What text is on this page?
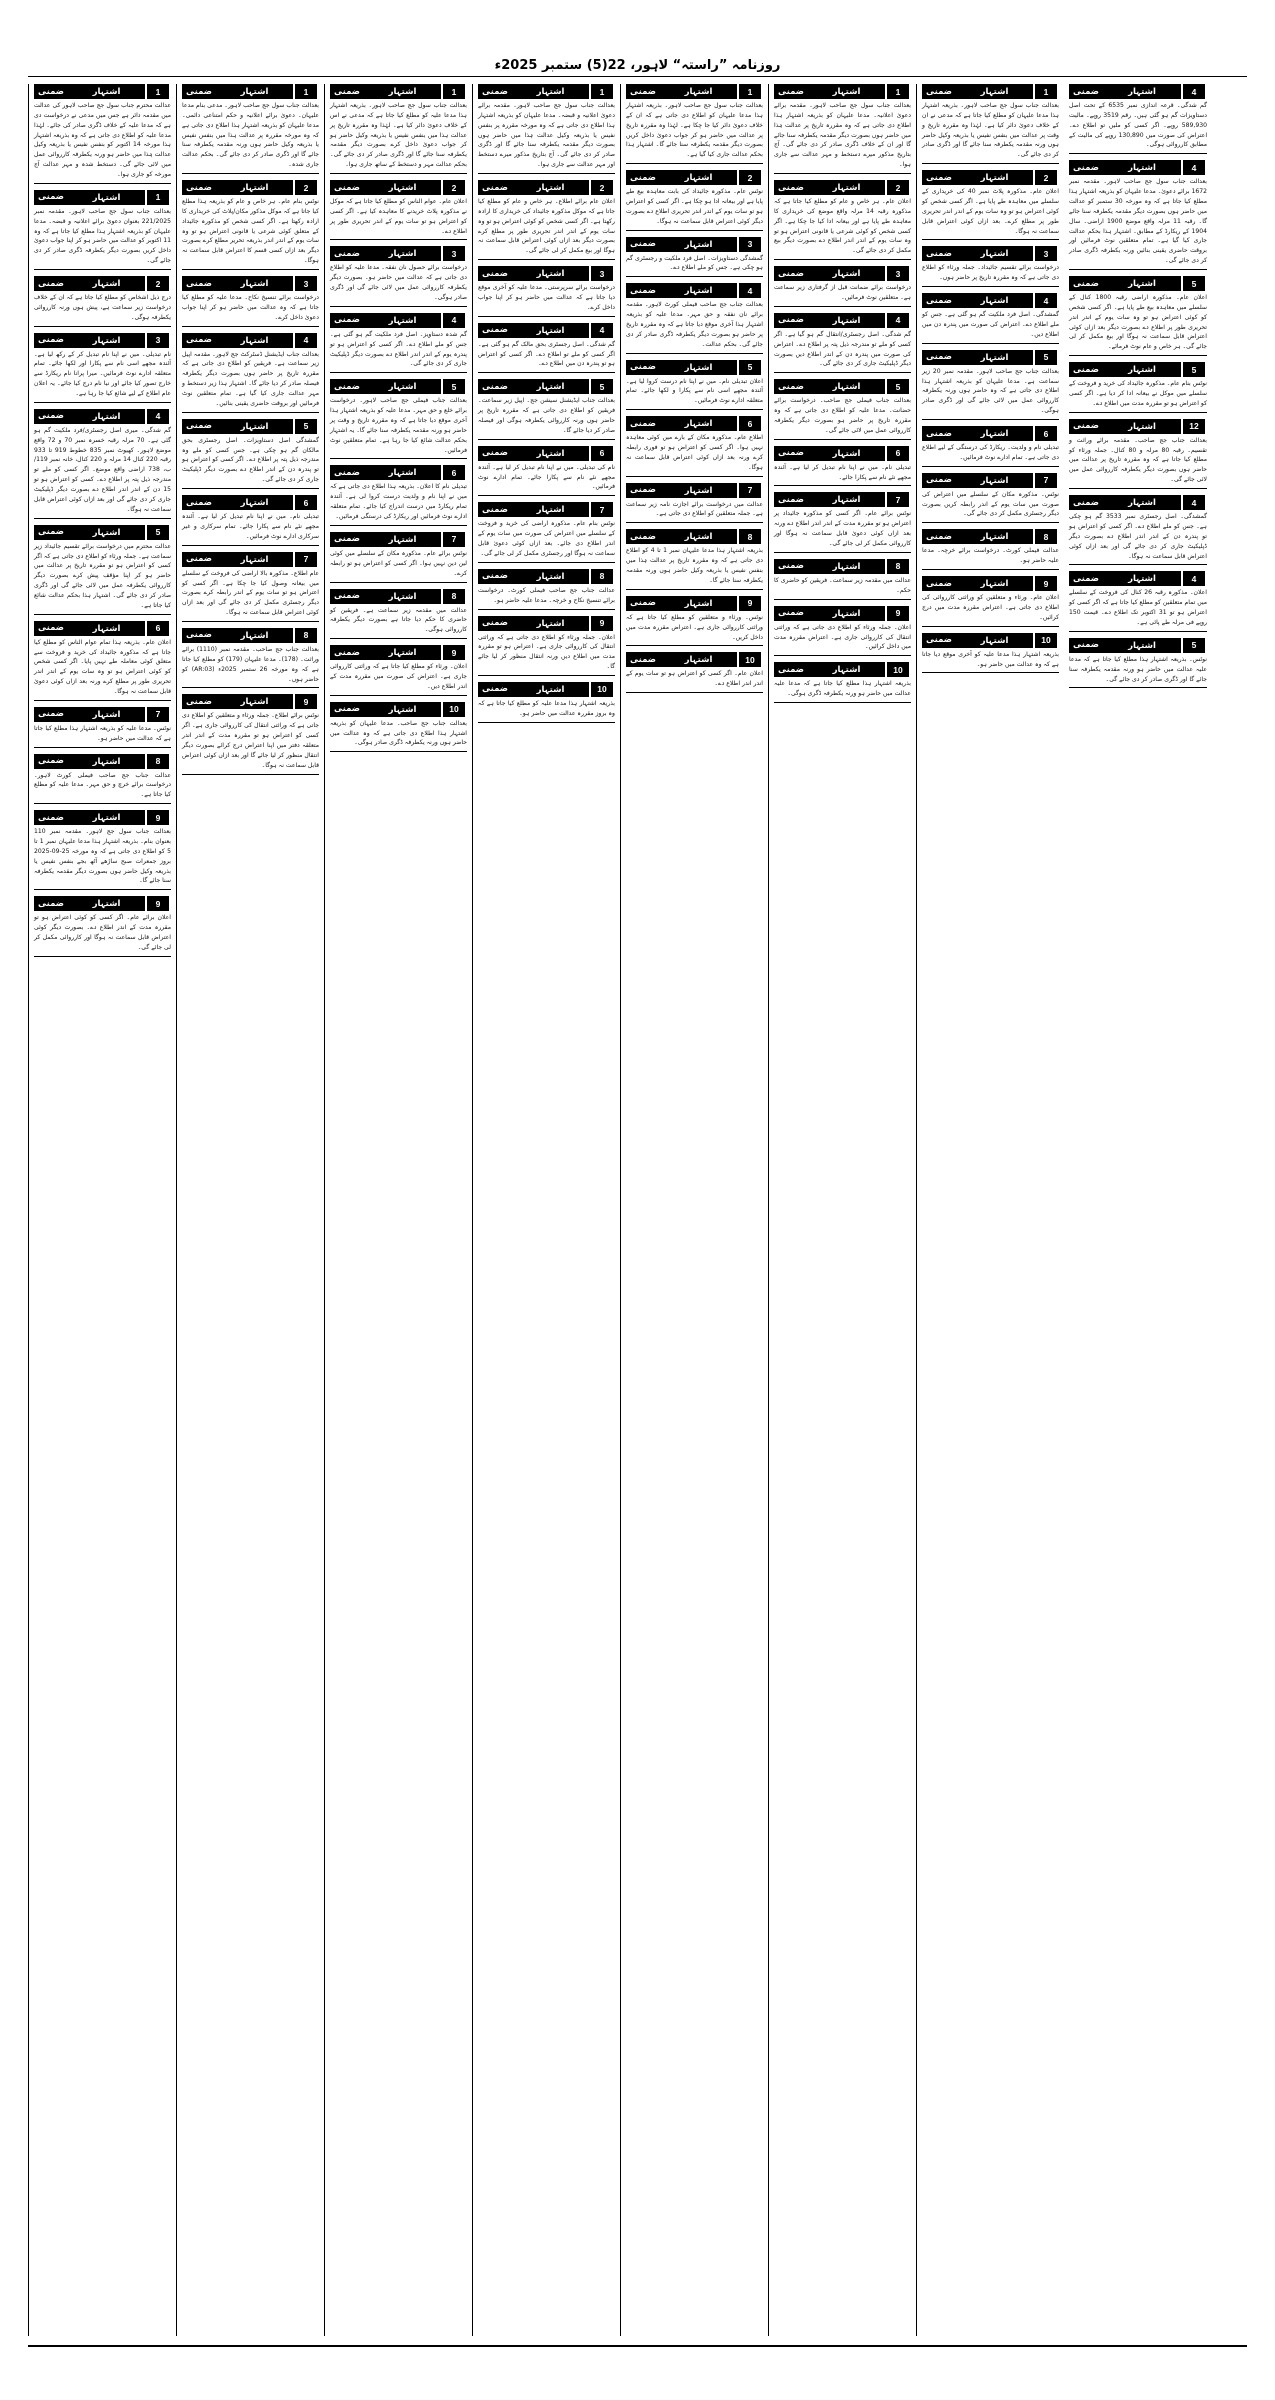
روزنامہ ”راستہ“ لاہور، 22(5) ستمبر 2025ء
1
اشتہار
ضمنی
عدالت محترم جناب سول جج صاحب لاہور کی عدالت میں مقدمہ دائر ہے جس میں مدعی نے درخواست دی ہے کہ مدعا علیہ کے خلاف ڈگری صادر کی جائے۔ لہٰذا مدعا علیہ کو اطلاع دی جاتی ہے کہ وہ بذریعہ اشتہار ہذا مورخہ 14 اکتوبر کو بنفس نفیس یا بذریعہ وکیل عدالت ہٰذا میں حاضر ہو ورنہ یکطرفہ کارروائی عمل میں لائی جائے گی۔ دستخط شدہ و مہر عدالت آج مورخہ کو جاری ہوا۔
1
اشتہار
ضمنی
بعدالت جناب سول جج صاحب لاہور۔ مقدمہ نمبر 221/2025 بعنوان دعویٰ برائے اعلانیہ و قبضہ۔ مدعا علیہان کو بذریعہ اشتہار ہذا مطلع کیا جاتا ہے کہ وہ 11 اکتوبر کو عدالت میں حاضر ہو کر اپنا جواب دعویٰ داخل کریں بصورت دیگر یکطرفہ ڈگری صادر کر دی جائے گی۔
2
اشتہار
ضمنی
درج ذیل اشخاص کو مطلع کیا جاتا ہے کہ ان کے خلاف درخواست زیر سماعت ہے، پیش ہوں ورنہ کارروائی یکطرفہ ہوگی۔
3
اشتہار
ضمنی
نام تبدیلی۔ میں نے اپنا نام تبدیل کر کے رکھ لیا ہے۔ آئندہ مجھے اسی نام سے پکارا اور لکھا جائے۔ تمام متعلقہ ادارے نوٹ فرمائیں۔ میرا پرانا نام ریکارڈ سے خارج تصور کیا جائے اور نیا نام درج کیا جائے۔ یہ اعلان عام اطلاع کے لیے شائع کیا جا رہا ہے۔
4
اشتہار
ضمنی
گم شدگی۔ میری اصل رجسٹری/فرد ملکیت گم ہو گئی ہے۔ 70 مرلہ رقبہ خسرہ نمبر 70 و 72 واقع موضع لاہور۔ کھیوٹ نمبر 835 خطوط 919 تا 933 رقبہ 220 کنال 14 مرلہ و 220 کنال، خانہ نمبر 119/ب، 738 اراضی واقع موضع۔ اگر کسی کو ملے تو مندرجہ ذیل پتہ پر اطلاع دے۔ کسی کو اعتراض ہو تو 15 دن کے اندر اندر اطلاع دے بصورت دیگر ڈپلیکیٹ جاری کر دی جائے گی اور بعد ازاں کوئی اعتراض قابل سماعت نہ ہوگا۔
5
اشتہار
ضمنی
عدالت محترم میں درخواست برائے تقسیم جائیداد زیر سماعت ہے۔ جملہ ورثاء کو اطلاع دی جاتی ہے کہ اگر کسی کو اعتراض ہو تو مقررہ تاریخ پر عدالت میں حاضر ہو کر اپنا مؤقف پیش کرے بصورت دیگر کارروائی یکطرفہ عمل میں لائی جائے گی اور ڈگری صادر کر دی جائے گی۔ اشتہار ہذا بحکم عدالت شائع کیا جاتا ہے۔
6
اشتہار
ضمنی
اعلان عام۔ بذریعہ ہذا تمام عوام الناس کو مطلع کیا جاتا ہے کہ مذکورہ جائیداد کی خرید و فروخت سے متعلق کوئی معاملہ طے نہیں پایا۔ اگر کسی شخص کو کوئی اعتراض ہو تو وہ سات یوم کے اندر اندر تحریری طور پر مطلع کرے ورنہ بعد ازاں کوئی دعویٰ قابل سماعت نہ ہوگا۔
7
اشتہار
ضمنی
نوٹس۔ مدعا علیہ کو بذریعہ اشتہار ہذا مطلع کیا جاتا ہے کہ عدالت میں حاضر ہو۔
8
اشتہار
ضمنی
عدالت جناب جج صاحب فیملی کورٹ لاہور۔ درخواست برائے خرچ و حق مہر۔ مدعا علیہ کو مطلع کیا جاتا ہے۔
9
اشتہار
ضمنی
بعدالت جناب سول جج لاہور۔ مقدمہ نمبر 110 بعنوان بنام۔ بذریعہ اشتہار ہذا مدعا علیہان نمبر 1 تا 5 کو اطلاع دی جاتی ہے کہ وہ مورخہ 25-09-2025 بروز جمعرات صبح ساڑھے آٹھ بجے بنفس نفیس یا بذریعہ وکیل حاضر ہوں بصورت دیگر مقدمہ یکطرفہ سنا جائے گا۔
9
اشتہار
ضمنی
اعلان برائے عام۔ اگر کسی کو کوئی اعتراض ہو تو مقررہ مدت کے اندر اطلاع دے۔ بصورت دیگر کوئی اعتراض قابل سماعت نہ ہوگا اور کارروائی مکمل کر لی جائے گی۔
1
اشتہار
ضمنی
بعدالت جناب سول جج صاحب لاہور۔ مدعی بنام مدعا علیہان۔ دعویٰ برائے اعلانیہ و حکم امتناعی دائمی۔ مدعا علیہان کو بذریعہ اشتہار ہذا اطلاع دی جاتی ہے کہ وہ مورخہ مقررہ پر عدالت ہذا میں بنفس نفیس یا بذریعہ وکیل حاضر ہوں ورنہ مقدمہ یکطرفہ سنا جائے گا اور ڈگری صادر کر دی جائے گی۔ بحکم عدالت جاری شدہ۔
2
اشتہار
ضمنی
نوٹس بنام عام۔ ہر خاص و عام کو بذریعہ ہذا مطلع کیا جاتا ہے کہ موکل مذکور مکان/پلاٹ کی خریداری کا ارادہ رکھتا ہے۔ اگر کسی شخص کو مذکورہ جائیداد کے متعلق کوئی شرعی یا قانونی اعتراض ہو تو وہ سات یوم کے اندر اندر بذریعہ تحریر مطلع کرے بصورت دیگر بعد ازاں کسی قسم کا اعتراض قابل سماعت نہ ہوگا۔
3
اشتہار
ضمنی
درخواست برائے تنسیخ نکاح۔ مدعا علیہ کو مطلع کیا جاتا ہے کہ وہ عدالت میں حاضر ہو کر اپنا جواب دعویٰ داخل کرے۔
4
اشتہار
ضمنی
بعدالت جناب ایڈیشنل ڈسٹرکٹ جج لاہور۔ مقدمہ اپیل زیر سماعت ہے۔ فریقین کو اطلاع دی جاتی ہے کہ مقررہ تاریخ پر حاضر ہوں بصورت دیگر یکطرفہ فیصلہ صادر کر دیا جائے گا۔ اشتہار ہذا زیر دستخط و مہر عدالت جاری کیا گیا ہے۔ تمام متعلقین نوٹ فرمائیں اور بروقت حاضری یقینی بنائیں۔
5
اشتہار
ضمنی
گمشدگی اصل دستاویزات۔ اصل رجسٹری بحق مالکان گم ہو چکی ہے۔ جس کسی کو ملے وہ مندرجہ ذیل پتہ پر اطلاع دے۔ اگر کسی کو اعتراض ہو تو پندرہ دن کے اندر اطلاع دے بصورت دیگر ڈپلیکیٹ جاری کر دی جائے گی۔
6
اشتہار
ضمنی
تبدیلی نام۔ میں نے اپنا نام تبدیل کر لیا ہے۔ آئندہ مجھے نئے نام سے پکارا جائے۔ تمام سرکاری و غیر سرکاری ادارے نوٹ فرمائیں۔
7
اشتہار
ضمنی
عام اطلاع۔ مذکورہ بالا اراضی کی فروخت کے سلسلے میں بیعانہ وصول کیا جا چکا ہے۔ اگر کسی کو اعتراض ہو تو سات یوم کے اندر رابطہ کرے بصورت دیگر رجسٹری مکمل کر دی جائے گی اور بعد ازاں کوئی اعتراض قابل سماعت نہ ہوگا۔
8
اشتہار
ضمنی
بعدالت جناب جج صاحب۔ مقدمہ نمبر (1110) برائے وراثت۔ (178)۔ مدعا علیہان (179) کو مطلع کیا جاتا ہے کہ وہ مورخہ 26 ستمبر 2025ء (AR:03) کو حاضر ہوں۔
9
اشتہار
ضمنی
نوٹس برائے اطلاع۔ جملہ ورثاء و متعلقین کو اطلاع دی جاتی ہے کہ وراثتی انتقال کی کارروائی جاری ہے۔ اگر کسی کو اعتراض ہو تو مقررہ مدت کے اندر اندر متعلقہ دفتر میں اپنا اعتراض درج کرائے بصورت دیگر انتقال منظور کر لیا جائے گا اور بعد ازاں کوئی اعتراض قابل سماعت نہ ہوگا۔
1
اشتہار
ضمنی
بعدالت جناب سول جج صاحب لاہور۔ بذریعہ اشتہار ہذا مدعا علیہ کو مطلع کیا جاتا ہے کہ مدعی نے اس کے خلاف دعویٰ دائر کیا ہے۔ لہٰذا وہ مقررہ تاریخ پر عدالت ہذا میں بنفس نفیس یا بذریعہ وکیل حاضر ہو کر جواب دعویٰ داخل کرے بصورت دیگر مقدمہ یکطرفہ سنا جائے گا اور ڈگری صادر کر دی جائے گی۔ بحکم عدالت مہر و دستخط کے ساتھ جاری ہوا۔
2
اشتہار
ضمنی
اعلان عام۔ عوام الناس کو مطلع کیا جاتا ہے کہ موکل نے مذکورہ پلاٹ خریدنے کا معاہدہ کیا ہے۔ اگر کسی کو اعتراض ہو تو سات یوم کے اندر تحریری طور پر اطلاع دے۔
3
اشتہار
ضمنی
درخواست برائے حصول نان نفقہ۔ مدعا علیہ کو اطلاع دی جاتی ہے کہ عدالت میں حاضر ہو۔ بصورت دیگر یکطرفہ کارروائی عمل میں لائی جائے گی اور ڈگری صادر ہوگی۔
4
اشتہار
ضمنی
گم شدہ دستاویز۔ اصل فرد ملکیت گم ہو گئی ہے۔ جس کو ملے اطلاع دے۔ اگر کسی کو اعتراض ہو تو پندرہ یوم کے اندر اندر اطلاع دے بصورت دیگر ڈپلیکیٹ جاری کر دی جائے گی۔
5
اشتہار
ضمنی
بعدالت جناب فیملی جج صاحب لاہور۔ درخواست برائے خلع و حق مہر۔ مدعا علیہ کو بذریعہ اشتہار ہذا آخری موقع دیا جاتا ہے کہ وہ مقررہ تاریخ و وقت پر حاضر ہو ورنہ مقدمہ یکطرفہ سنا جائے گا۔ یہ اشتہار بحکم عدالت شائع کیا جا رہا ہے۔ تمام متعلقین نوٹ فرمائیں۔
6
اشتہار
ضمنی
تبدیلی نام کا اعلان۔ بذریعہ ہذا اطلاع دی جاتی ہے کہ میں نے اپنا نام و ولدیت درست کروا لی ہے۔ آئندہ تمام ریکارڈ میں درست اندراج کیا جائے۔ تمام متعلقہ ادارے نوٹ فرمائیں اور ریکارڈ کی درستگی فرمائیں۔
7
اشتہار
ضمنی
نوٹس برائے عام۔ مذکورہ مکان کے سلسلے میں کوئی لین دین نہیں ہوا۔ اگر کسی کو اعتراض ہو تو رابطہ کرے۔
8
اشتہار
ضمنی
عدالت میں مقدمہ زیر سماعت ہے۔ فریقین کو حاضری کا حکم دیا جاتا ہے بصورت دیگر یکطرفہ کارروائی ہوگی۔
9
اشتہار
ضمنی
اعلان۔ ورثاء کو مطلع کیا جاتا ہے کہ وراثتی کارروائی جاری ہے۔ اعتراض کی صورت میں مقررہ مدت کے اندر اطلاع دیں۔
10
اشتہار
ضمنی
بعدالت جناب جج صاحب۔ مدعا علیہان کو بذریعہ اشتہار ہذا اطلاع دی جاتی ہے کہ وہ عدالت میں حاضر ہوں ورنہ یکطرفہ ڈگری صادر ہوگی۔
1
اشتہار
ضمنی
بعدالت جناب سول جج صاحب لاہور۔ مقدمہ برائے دعویٰ اعلانیہ و قبضہ۔ مدعا علیہان کو بذریعہ اشتہار ہذا اطلاع دی جاتی ہے کہ وہ مورخہ مقررہ پر بنفس نفیس یا بذریعہ وکیل عدالت ہٰذا میں حاضر ہوں بصورت دیگر مقدمہ یکطرفہ سنا جائے گا اور ڈگری صادر کر دی جائے گی۔ آج بتاریخ مذکور میرے دستخط اور مہر عدالت سے جاری ہوا۔
2
اشتہار
ضمنی
اعلان عام برائے اطلاع۔ ہر خاص و عام کو مطلع کیا جاتا ہے کہ موکل مذکورہ جائیداد کی خریداری کا ارادہ رکھتا ہے۔ اگر کسی شخص کو کوئی اعتراض ہو تو وہ سات یوم کے اندر اندر تحریری طور پر مطلع کرے بصورت دیگر بعد ازاں کوئی اعتراض قابل سماعت نہ ہوگا اور بیع مکمل کر لی جائے گی۔
3
اشتہار
ضمنی
درخواست برائے سرپرستی۔ مدعا علیہ کو آخری موقع دیا جاتا ہے کہ عدالت میں حاضر ہو کر اپنا جواب داخل کرے۔
4
اشتہار
ضمنی
گم شدگی۔ اصل رجسٹری بحق مالک گم ہو گئی ہے۔ اگر کسی کو ملے تو اطلاع دے۔ اگر کسی کو اعتراض ہو تو پندرہ دن میں اطلاع دے۔
5
اشتہار
ضمنی
بعدالت جناب ایڈیشنل سیشن جج۔ اپیل زیر سماعت۔ فریقین کو اطلاع دی جاتی ہے کہ مقررہ تاریخ پر حاضر ہوں ورنہ کارروائی یکطرفہ ہوگی اور فیصلہ صادر کر دیا جائے گا۔
6
اشتہار
ضمنی
نام کی تبدیلی۔ میں نے اپنا نام تبدیل کر لیا ہے۔ آئندہ مجھے نئے نام سے پکارا جائے۔ تمام ادارے نوٹ فرمائیں۔
7
اشتہار
ضمنی
نوٹس بنام عام۔ مذکورہ اراضی کی خرید و فروخت کے سلسلے میں اعتراض کی صورت میں سات یوم کے اندر اطلاع دی جائے۔ بعد ازاں کوئی دعویٰ قابل سماعت نہ ہوگا اور رجسٹری مکمل کر لی جائے گی۔
8
اشتہار
ضمنی
عدالت جناب جج صاحب فیملی کورٹ۔ درخواست برائے تنسیخ نکاح و خرچہ۔ مدعا علیہ حاضر ہو۔
9
اشتہار
ضمنی
اعلان۔ جملہ ورثاء کو اطلاع دی جاتی ہے کہ وراثتی انتقال کی کارروائی جاری ہے۔ اعتراض ہو تو مقررہ مدت میں اطلاع دیں ورنہ انتقال منظور کر لیا جائے گا۔
10
اشتہار
ضمنی
بذریعہ اشتہار ہذا مدعا علیہ کو مطلع کیا جاتا ہے کہ وہ بروز مقررہ عدالت میں حاضر ہو۔
1
اشتہار
ضمنی
بعدالت جناب سول جج صاحب لاہور۔ بذریعہ اشتہار ہذا مدعا علیہان کو اطلاع دی جاتی ہے کہ ان کے خلاف دعویٰ دائر کیا جا چکا ہے۔ لہٰذا وہ مقررہ تاریخ پر عدالت میں حاضر ہو کر جواب دعویٰ داخل کریں بصورت دیگر مقدمہ یکطرفہ سنا جائے گا۔ اشتہار ہذا بحکم عدالت جاری کیا گیا ہے۔
2
اشتہار
ضمنی
نوٹس عام۔ مذکورہ جائیداد کی بابت معاہدہ بیع طے پایا ہے اور بیعانہ ادا ہو چکا ہے۔ اگر کسی کو اعتراض ہو تو سات یوم کے اندر اندر تحریری اطلاع دے بصورت دیگر کوئی اعتراض قابل سماعت نہ ہوگا۔
3
اشتہار
ضمنی
گمشدگی دستاویزات۔ اصل فرد ملکیت و رجسٹری گم ہو چکی ہے۔ جس کو ملے اطلاع دے۔
4
اشتہار
ضمنی
بعدالت جناب جج صاحب فیملی کورٹ لاہور۔ مقدمہ برائے نان نفقہ و حق مہر۔ مدعا علیہ کو بذریعہ اشتہار ہذا آخری موقع دیا جاتا ہے کہ وہ مقررہ تاریخ پر حاضر ہو بصورت دیگر یکطرفہ ڈگری صادر کر دی جائے گی۔ بحکم عدالت۔
5
اشتہار
ضمنی
اعلان تبدیلی نام۔ میں نے اپنا نام درست کروا لیا ہے۔ آئندہ مجھے اسی نام سے پکارا و لکھا جائے۔ تمام متعلقہ ادارے نوٹ فرمائیں۔
6
اشتہار
ضمنی
اطلاع عام۔ مذکورہ مکان کے بارے میں کوئی معاہدہ نہیں ہوا۔ اگر کسی کو اعتراض ہو تو فوری رابطہ کرے ورنہ بعد ازاں کوئی اعتراض قابل سماعت نہ ہوگا۔
7
اشتہار
ضمنی
عدالت میں درخواست برائے اجازت نامہ زیر سماعت ہے۔ جملہ متعلقین کو اطلاع دی جاتی ہے۔
8
اشتہار
ضمنی
بذریعہ اشتہار ہذا مدعا علیہان نمبر 1 تا 4 کو اطلاع دی جاتی ہے کہ وہ مقررہ تاریخ پر عدالت ہٰذا میں بنفس نفیس یا بذریعہ وکیل حاضر ہوں ورنہ مقدمہ یکطرفہ سنا جائے گا۔
9
اشتہار
ضمنی
نوٹس۔ ورثاء و متعلقین کو مطلع کیا جاتا ہے کہ وراثتی کارروائی جاری ہے۔ اعتراض مقررہ مدت میں داخل کریں۔
10
اشتہار
ضمنی
اعلان عام۔ اگر کسی کو اعتراض ہو تو سات یوم کے اندر اندر اطلاع دے۔
1
اشتہار
ضمنی
بعدالت جناب سول جج صاحب لاہور۔ مقدمہ برائے دعویٰ اعلانیہ۔ مدعا علیہان کو بذریعہ اشتہار ہذا اطلاع دی جاتی ہے کہ وہ مقررہ تاریخ پر عدالت ہٰذا میں حاضر ہوں بصورت دیگر مقدمہ یکطرفہ سنا جائے گا اور ان کے خلاف ڈگری صادر کر دی جائے گی۔ آج بتاریخ مذکور میرے دستخط و مہر عدالت سے جاری ہوا۔
2
اشتہار
ضمنی
اعلان عام۔ ہر خاص و عام کو مطلع کیا جاتا ہے کہ مذکورہ رقبہ 14 مرلہ واقع موضع کی خریداری کا معاہدہ طے پایا ہے اور بیعانہ ادا کیا جا چکا ہے۔ اگر کسی شخص کو کوئی شرعی یا قانونی اعتراض ہو تو وہ سات یوم کے اندر اندر اطلاع دے بصورت دیگر بیع مکمل کر دی جائے گی۔
3
اشتہار
ضمنی
درخواست برائے ضمانت قبل از گرفتاری زیر سماعت ہے۔ متعلقین نوٹ فرمائیں۔
4
اشتہار
ضمنی
گم شدگی۔ اصل رجسٹری/انتقال گم ہو گیا ہے۔ اگر کسی کو ملے تو مندرجہ ذیل پتہ پر اطلاع دے۔ اعتراض کی صورت میں پندرہ دن کے اندر اطلاع دیں بصورت دیگر ڈپلیکیٹ جاری کر دی جائے گی۔
5
اشتہار
ضمنی
بعدالت جناب فیملی جج صاحب۔ درخواست برائے حضانت۔ مدعا علیہ کو اطلاع دی جاتی ہے کہ وہ مقررہ تاریخ پر حاضر ہو بصورت دیگر یکطرفہ کارروائی عمل میں لائی جائے گی۔
6
اشتہار
ضمنی
تبدیلی نام۔ میں نے اپنا نام تبدیل کر لیا ہے۔ آئندہ مجھے نئے نام سے پکارا جائے۔
7
اشتہار
ضمنی
نوٹس برائے عام۔ اگر کسی کو مذکورہ جائیداد پر اعتراض ہو تو مقررہ مدت کے اندر اندر اطلاع دے ورنہ بعد ازاں کوئی دعویٰ قابل سماعت نہ ہوگا اور کارروائی مکمل کر لی جائے گی۔
8
اشتہار
ضمنی
عدالت میں مقدمہ زیر سماعت۔ فریقین کو حاضری کا حکم۔
9
اشتہار
ضمنی
اعلان۔ جملہ ورثاء کو اطلاع دی جاتی ہے کہ وراثتی انتقال کی کارروائی جاری ہے۔ اعتراض مقررہ مدت میں داخل کرائیں۔
10
اشتہار
ضمنی
بذریعہ اشتہار ہذا مطلع کیا جاتا ہے کہ مدعا علیہ عدالت میں حاضر ہو ورنہ یکطرفہ ڈگری ہوگی۔
1
اشتہار
ضمنی
بعدالت جناب سول جج صاحب لاہور۔ بذریعہ اشتہار ہذا مدعا علیہان کو مطلع کیا جاتا ہے کہ مدعی نے ان کے خلاف دعویٰ دائر کیا ہے۔ لہٰذا وہ مقررہ تاریخ و وقت پر عدالت میں بنفس نفیس یا بذریعہ وکیل حاضر ہوں ورنہ مقدمہ یکطرفہ سنا جائے گا اور ڈگری صادر کر دی جائے گی۔
2
اشتہار
ضمنی
اعلان عام۔ مذکورہ پلاٹ نمبر 40 کی خریداری کے سلسلے میں معاہدہ طے پایا ہے۔ اگر کسی شخص کو کوئی اعتراض ہو تو وہ سات یوم کے اندر اندر تحریری طور پر مطلع کرے۔ بعد ازاں کوئی اعتراض قابل سماعت نہ ہوگا۔
3
اشتہار
ضمنی
درخواست برائے تقسیم جائیداد۔ جملہ ورثاء کو اطلاع دی جاتی ہے کہ وہ مقررہ تاریخ پر حاضر ہوں۔
4
اشتہار
ضمنی
گمشدگی۔ اصل فرد ملکیت گم ہو گئی ہے۔ جس کو ملے اطلاع دے۔ اعتراض کی صورت میں پندرہ دن میں اطلاع دیں۔
5
اشتہار
ضمنی
بعدالت جناب جج صاحب لاہور۔ مقدمہ نمبر 20 زیر سماعت ہے۔ مدعا علیہان کو بذریعہ اشتہار ہذا اطلاع دی جاتی ہے کہ وہ حاضر ہوں ورنہ یکطرفہ کارروائی عمل میں لائی جائے گی اور ڈگری صادر ہوگی۔
6
اشتہار
ضمنی
تبدیلی نام و ولدیت۔ ریکارڈ کی درستگی کے لیے اطلاع دی جاتی ہے۔ تمام ادارے نوٹ فرمائیں۔
7
اشتہار
ضمنی
نوٹس۔ مذکورہ مکان کے سلسلے میں اعتراض کی صورت میں سات یوم کے اندر رابطہ کریں بصورت دیگر رجسٹری مکمل کر دی جائے گی۔
8
اشتہار
ضمنی
عدالت فیملی کورٹ۔ درخواست برائے خرچہ۔ مدعا علیہ حاضر ہو۔
9
اشتہار
ضمنی
اعلان عام۔ ورثاء و متعلقین کو وراثتی کارروائی کی اطلاع دی جاتی ہے۔ اعتراض مقررہ مدت میں درج کرائیں۔
10
اشتہار
ضمنی
بذریعہ اشتہار ہذا مدعا علیہ کو آخری موقع دیا جاتا ہے کہ وہ عدالت میں حاضر ہو۔
4
اشتہار
ضمنی
گم شدگی۔ قرعہ اندازی نمبر 6535 کے تحت اصل دستاویزات گم ہو گئی ہیں۔ رقم 3519 روپے۔ مالیت 589,930 روپے۔ اگر کسی کو ملیں تو اطلاع دے۔ اعتراض کی صورت میں 130,890 روپے کی مالیت کے مطابق کارروائی ہوگی۔
4
اشتہار
ضمنی
بعدالت جناب سول جج صاحب لاہور۔ مقدمہ نمبر 1672 برائے دعویٰ۔ مدعا علیہان کو بذریعہ اشتہار ہذا مطلع کیا جاتا ہے کہ وہ مورخہ 30 ستمبر کو عدالت میں حاضر ہوں بصورت دیگر مقدمہ یکطرفہ سنا جائے گا۔ رقبہ 11 مرلہ واقع موضع 1900 اراضی۔ سال 1904 کے ریکارڈ کے مطابق۔ اشتہار ہذا بحکم عدالت جاری کیا گیا ہے۔ تمام متعلقین نوٹ فرمائیں اور بروقت حاضری یقینی بنائیں ورنہ یکطرفہ ڈگری صادر کر دی جائے گی۔
5
اشتہار
ضمنی
اعلان عام۔ مذکورہ اراضی رقبہ 1800 کنال کے سلسلے میں معاہدہ بیع طے پایا ہے۔ اگر کسی شخص کو کوئی اعتراض ہو تو وہ سات یوم کے اندر اندر تحریری طور پر اطلاع دے بصورت دیگر بعد ازاں کوئی اعتراض قابل سماعت نہ ہوگا اور بیع مکمل کر لی جائے گی۔ ہر خاص و عام نوٹ فرمائے۔
5
اشتہار
ضمنی
نوٹس بنام عام۔ مذکورہ جائیداد کی خرید و فروخت کے سلسلے میں موکل نے بیعانہ ادا کر دیا ہے۔ اگر کسی کو اعتراض ہو تو مقررہ مدت میں اطلاع دے۔
12
اشتہار
ضمنی
بعدالت جناب جج صاحب۔ مقدمہ برائے وراثت و تقسیم۔ رقبہ 80 مرلہ و 80 کنال۔ جملہ ورثاء کو مطلع کیا جاتا ہے کہ وہ مقررہ تاریخ پر عدالت میں حاضر ہوں بصورت دیگر یکطرفہ کارروائی عمل میں لائی جائے گی۔
4
اشتہار
ضمنی
گمشدگی۔ اصل رجسٹری نمبر 3533 گم ہو چکی ہے۔ جس کو ملے اطلاع دے۔ اگر کسی کو اعتراض ہو تو پندرہ دن کے اندر اندر اطلاع دے بصورت دیگر ڈپلیکیٹ جاری کر دی جائے گی اور بعد ازاں کوئی اعتراض قابل سماعت نہ ہوگا۔
4
اشتہار
ضمنی
اعلان۔ مذکورہ رقبہ 26 کنال کی فروخت کے سلسلے میں تمام متعلقین کو مطلع کیا جاتا ہے کہ اگر کسی کو اعتراض ہو تو 31 اکتوبر تک اطلاع دے۔ قیمت 150 روپے فی مرلہ طے پائی ہے۔
5
اشتہار
ضمنی
نوٹس۔ بذریعہ اشتہار ہذا مطلع کیا جاتا ہے کہ مدعا علیہ عدالت میں حاضر ہو ورنہ مقدمہ یکطرفہ سنا جائے گا اور ڈگری صادر کر دی جائے گی۔
